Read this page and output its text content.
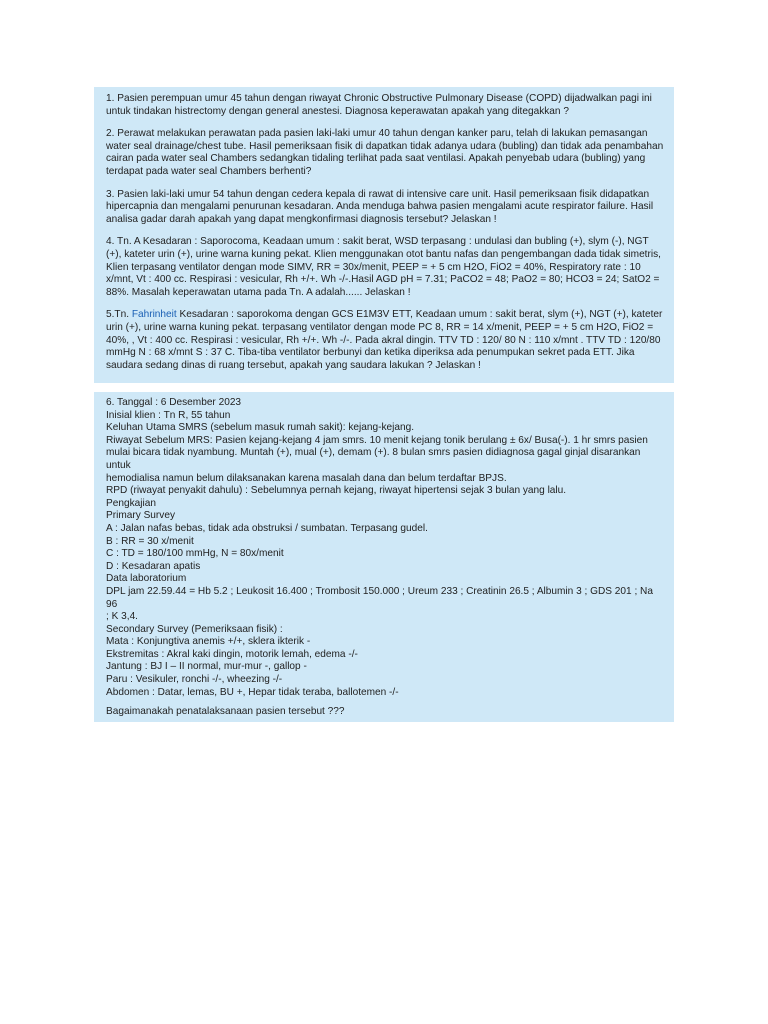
1. Pasien perempuan umur 45 tahun dengan riwayat Chronic Obstructive Pulmonary Disease (COPD) dijadwalkan pagi ini
untuk tindakan histrectomy dengan general anestesi. Diagnosa keperawatan apakah yang ditegakkan ?

2. Perawat melakukan perawatan pada pasien laki-laki umur 40 tahun dengan kanker paru, telah di lakukan pemasangan
water seal drainage/chest tube. Hasil pemeriksaan fisik di dapatkan tidak adanya udara (bubling) dan tidak ada penambahan
cairan pada water seal Chambers sedangkan tidaling terlihat pada saat ventilasi. Apakah penyebab udara (bubling) yang
terdapat pada water seal Chambers berhenti?

3. Pasien laki-laki umur 54 tahun dengan cedera kepala di rawat di intensive care unit. Hasil pemeriksaan fisik didapatkan
hipercapnia dan mengalami penurunan kesadaran. Anda menduga bahwa pasien mengalami acute respirator failure. Hasil
analisa gadar darah apakah yang dapat mengkonfirmasi diagnosis tersebut? Jelaskan !

4. Tn. A Kesadaran : Saporocoma, Keadaan umum : sakit berat, WSD terpasang : undulasi dan bubling (+), slym (-), NGT
(+), kateter urin (+), urine warna kuning pekat. Klien menggunakan otot bantu nafas dan pengembangan dada tidak simetris,
Klien terpasang ventilator dengan mode SIMV, RR = 30x/menit, PEEP = + 5 cm H2O, FiO2 = 40%, Respiratory rate : 10
x/mnt, Vt : 400 cc. Respirasi : vesicular, Rh +/+. Wh -/-.Hasil AGD pH = 7.31; PaCO2 = 48; PaO2 = 80; HCO3 = 24; SatO2 =
88%. Masalah keperawatan utama pada Tn. A adalah...... Jelaskan !

5.Tn. Fahrinheit Kesadaran : saporokoma dengan GCS E1M3V ETT, Keadaan umum : sakit berat, slym (+), NGT (+), kateter
urin (+), urine warna kuning pekat. terpasang ventilator dengan mode PC 8, RR = 14 x/menit, PEEP = + 5 cm H2O, FiO2 =
40%, , Vt : 400 cc. Respirasi : vesicular, Rh +/+. Wh -/-. Pada akral dingin. TTV TD : 120/ 80 N : 110 x/mnt . TTV TD : 120/80
mmHg N : 68 x/mnt S : 37 C. Tiba-tiba ventilator berbunyi dan ketika diperiksa ada penumpukan sekret pada ETT. Jika
saudara sedang dinas di ruang tersebut, apakah yang saudara lakukan ? Jelaskan !

6. Tanggal : 6 Desember 2023

Inisial klien : Tn R, 55 tahun

Keluhan Utama SMRS (sebelum masuk rumah sakit): kejang-kejang.

Riwayat Sebelum MRS: Pasien kejang-kejang 4 jam smrs. 10 menit kejang tonik berulang ± 6x/ Busa(-). 1 hr smrs pasien
mulai bicara tidak nyambung. Muntah (+), mual (+), demam (+). 8 bulan smrs pasien didiagnosa gagal ginjal disarankan untuk
hemodialisa namun belum dilaksanakan karena masalah dana dan belum terdaftar BPJS.

RPD (riwayat penyakit dahulu) : Sebelumnya pernah kejang, riwayat hipertensi sejak 3 bulan yang lalu.

Pengkajian

Primary Survey

A : Jalan nafas bebas, tidak ada obstruksi / sumbatan. Terpasang gudel.

B : RR = 30 x/menit

C : TD = 180/100 mmHg, N = 80x/menit

D : Kesadaran apatis

Data laboratorium

DPL jam 22.59.44 = Hb 5.2 ; Leukosit 16.400 ; Trombosit 150.000 ; Ureum 233 ; Creatinin 26.5 ; Albumin 3 ; GDS 201 ; Na 96
; K 3,4.

Secondary Survey (Pemeriksaan fisik) :

Mata : Konjungtiva anemis +/+, sklera ikterik -

Ekstremitas : Akral kaki dingin, motorik lemah, edema -/-

Jantung : BJ I – II normal, mur-mur -, gallop -

Paru : Vesikuler, ronchi -/-, wheezing -/-

Abdomen : Datar, lemas, BU +, Hepar tidak teraba, ballotemen -/-

Bagaimanakah penatalaksanaan pasien tersebut ???
